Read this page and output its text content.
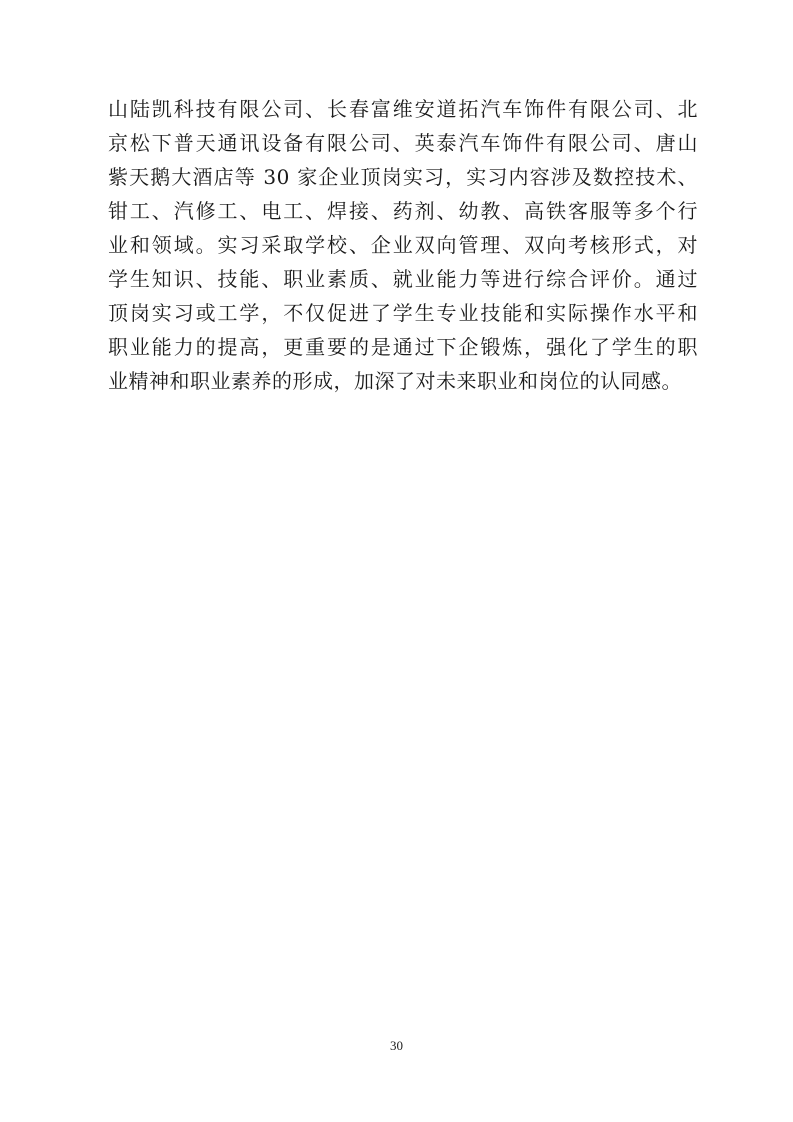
山陆凯科技有限公司、长春富维安道拓汽车饰件有限公司、北
京松下普天通讯设备有限公司、英泰汽车饰件有限公司、唐山
紫天鹅大酒店等 30 家企业顶岗实习，实习内容涉及数控技术、
钳工、汽修工、电工、焊接、药剂、幼教、高铁客服等多个行
业和领域。实习采取学校、企业双向管理、双向考核形式，对
学生知识、技能、职业素质、就业能力等进行综合评价。通过
顶岗实习或工学，不仅促进了学生专业技能和实际操作水平和
职业能力的提高，更重要的是通过下企锻炼，强化了学生的职
业精神和职业素养的形成，加深了对未来职业和岗位的认同感。
30
